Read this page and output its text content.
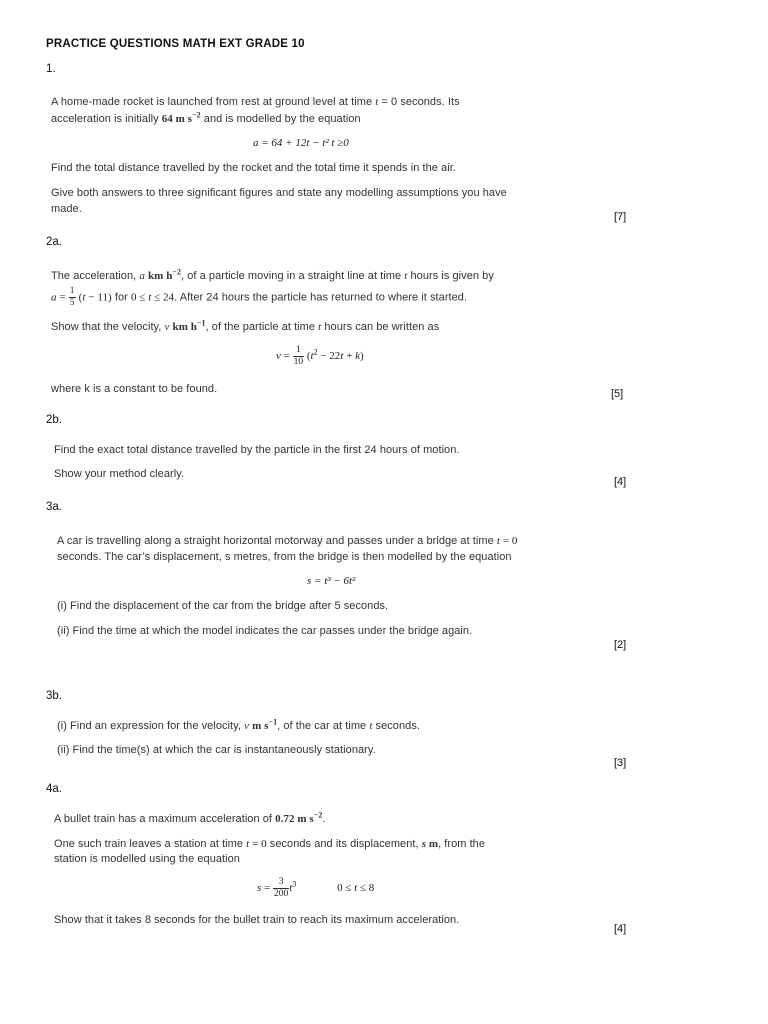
PRACTICE QUESTIONS MATH EXT GRADE 10
1.
A home-made rocket is launched from rest at ground level at time t = 0 seconds. Its
acceleration is initially 64 m $s^{-2}$ and is modelled by the equation
a = 64 + 12t − t² t ≥0
Find the total distance travelled by the rocket and the total time it spends in the air.
Give both answers to three significant figures and state any modelling assumptions you have
made.
[7]
2a.
The acceleration, a km $h^{-2}$, of a particle moving in a straight line at time t hours is given by
$a = \frac{1}{5} (t - 11)$ for 0 ≤ t ≤ 24. After 24 hours the particle has returned to where it started.
Show that the velocity, v km $h^{-1}$, of the particle at time t hours can be written as
$v = \frac{1}{10} (t^2 - 22t + k)$
where k is a constant to be found.	[5]
2b.
Find the exact total distance travelled by the particle in the first 24 hours of motion.
Show your method clearly.
[4]
3a.
A car is travelling along a straight horizontal motorway and passes under a bridge at time t = 0
seconds. The car’s displacement, s metres, from the bridge is then modelled by the equation
s = t³ − 6t²
(i) Find the displacement of the car from the bridge after 5 seconds.
(ii) Find the time at which the model indicates the car passes under the bridge again.
[2]
3b.
(i) Find an expression for the velocity, v m $s^{-1}$, of the car at time t seconds.
(ii) Find the time(s) at which the car is instantaneously stationary.
[3]
4a.
A bullet train has a maximum acceleration of 0.72 m $s^{-2}$.
One such train leaves a station at time t = 0 seconds and its displacement, s m, from the
station is modelled using the equation
$s = \frac{3}{200} t^3$	0 ≤ t ≤ 8
Show that it takes 8 seconds for the bullet train to reach its maximum acceleration.
[4]
